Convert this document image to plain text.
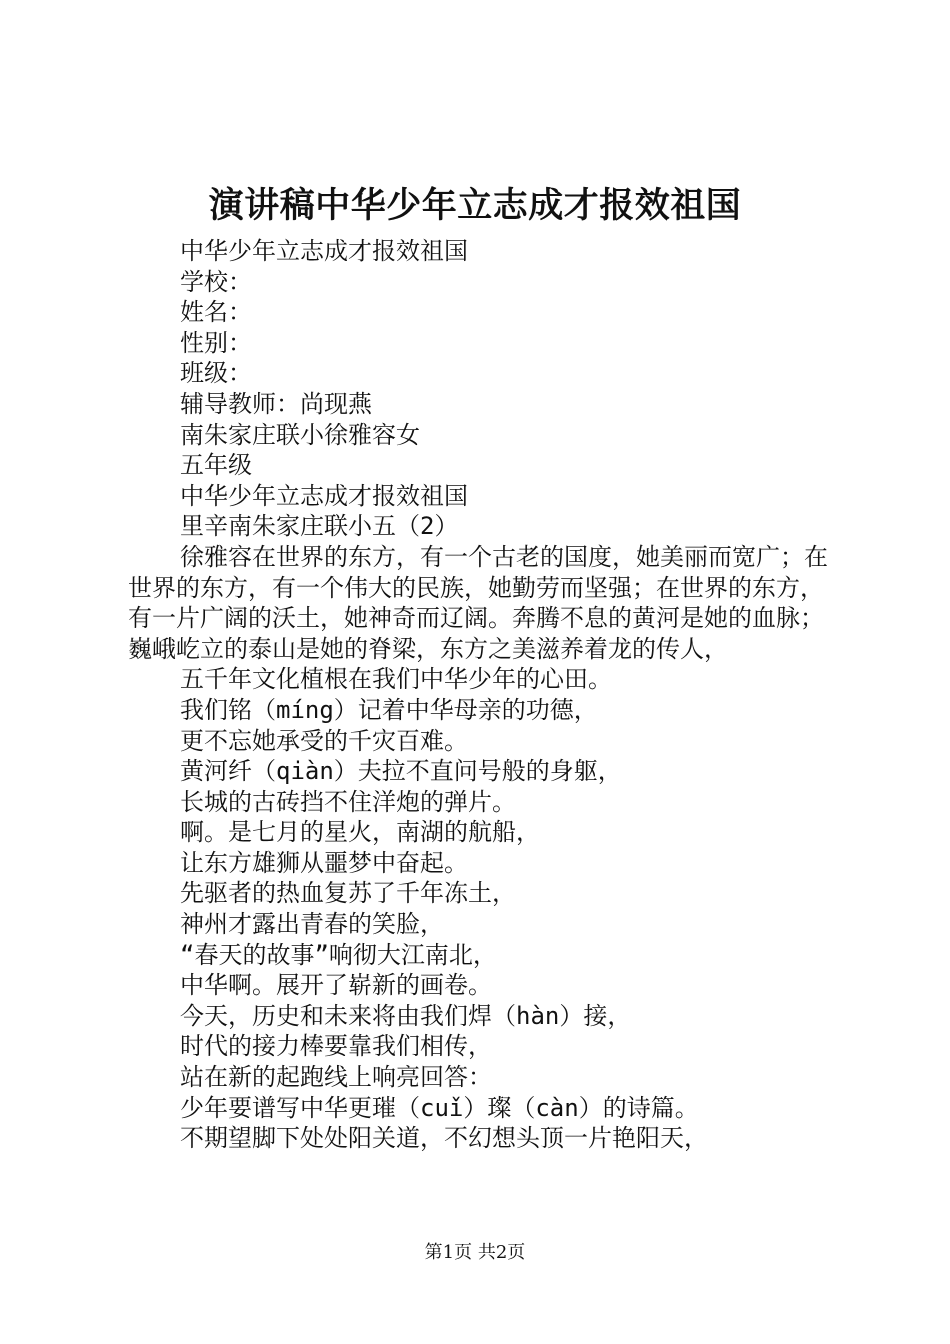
演讲稿中华少年立志成才报效祖国

中华少年立志成才报效祖国

学校：

姓名：

性别：

班级：

辅导教师：尚现燕

南朱家庄联小徐雅容女

五年级

中华少年立志成才报效祖国

里辛南朱家庄联小五（2）

徐雅容在世界的东方，有一个古老的国度，她美丽而宽广；在世界的东方，有一个伟大的民族，她勤劳而坚强；在世界的东方，有一片广阔的沃土，她神奇而辽阔。奔腾不息的黄河是她的血脉；巍峨屹立的泰山是她的脊梁，东方之美滋养着龙的传人，

五千年文化植根在我们中华少年的心田。

我们铭（míng）记着中华母亲的功德，

更不忘她承受的千灾百难。

黄河纤（qiàn）夫拉不直问号般的身躯，

长城的古砖挡不住洋炮的弹片。

啊。是七月的星火，南湖的航船，

让东方雄狮从噩梦中奋起。

先驱者的热血复苏了千年冻土，

神州才露出青春的笑脸，

“春天的故事”响彻大江南北，

中华啊。展开了崭新的画卷。

今天，历史和未来将由我们焊（hàn）接，

时代的接力棒要靠我们相传，

站在新的起跑线上响亮回答：

少年要谱写中华更璀（cuǐ）璨（càn）的诗篇。

不期望脚下处处阳关道，不幻想头顶一片艳阳天，

第1页 共2页
